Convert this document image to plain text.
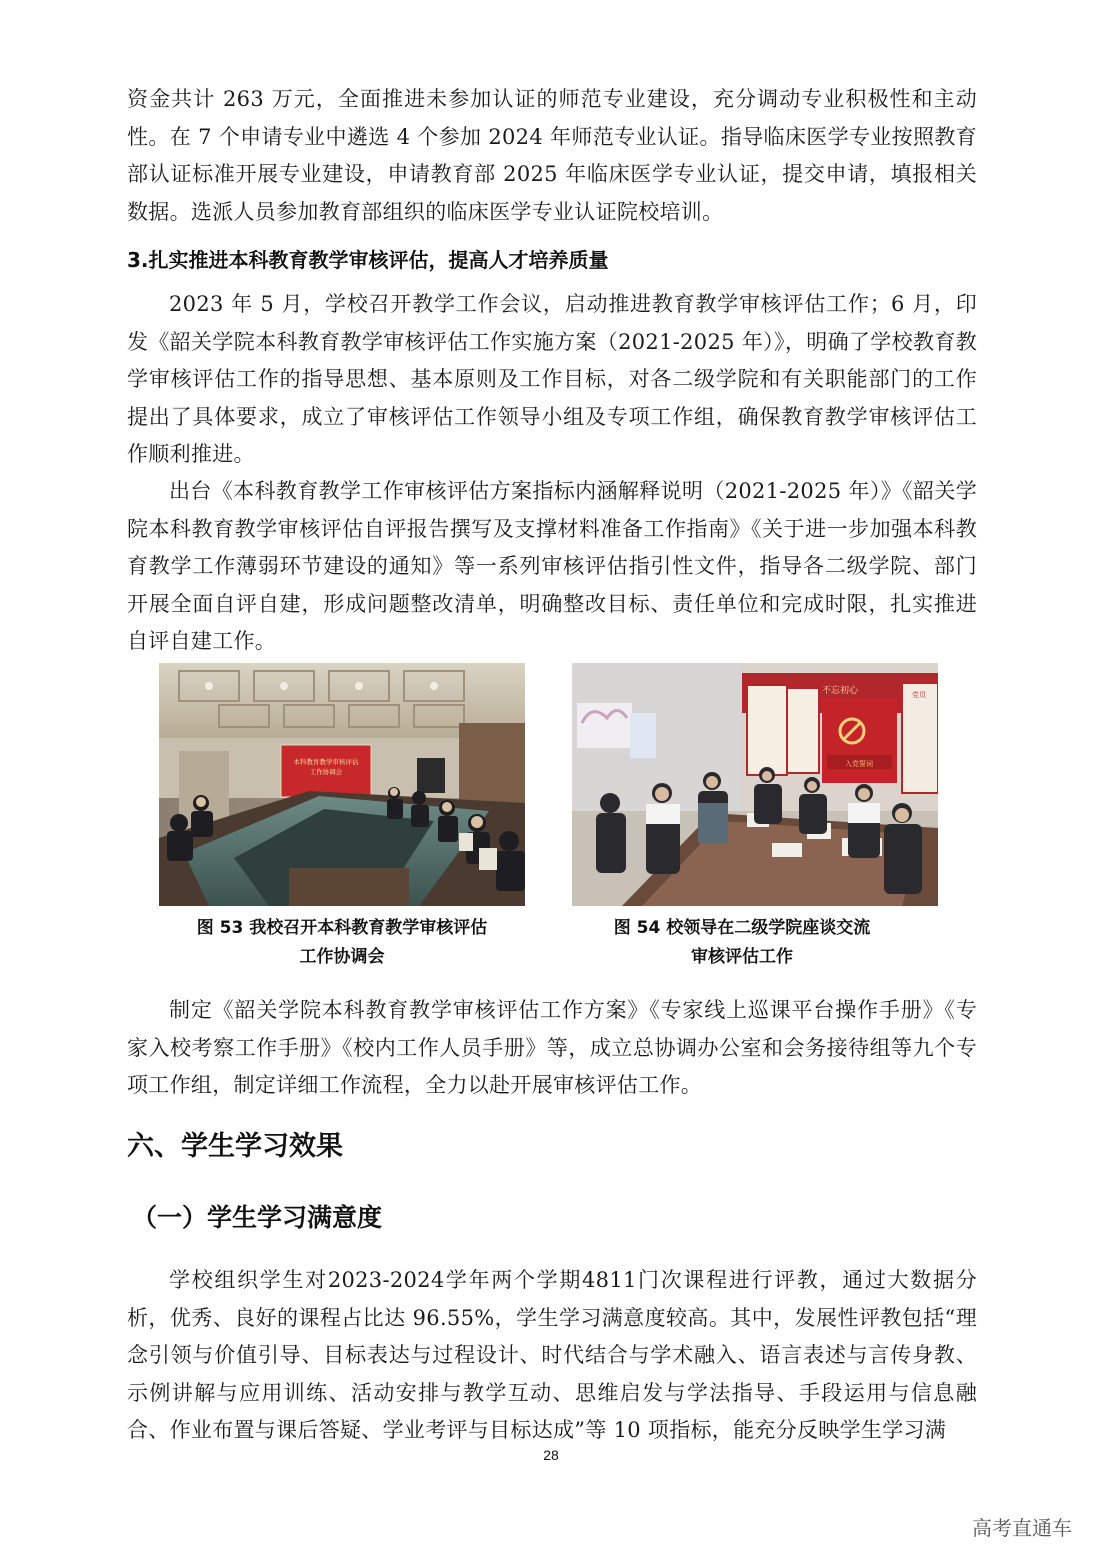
资金共计 263 万元，全面推进未参加认证的师范专业建设，充分调动专业积极性和主动性。在 7 个申请专业中遴选 4 个参加 2024 年师范专业认证。指导临床医学专业按照教育部认证标准开展专业建设，申请教育部 2025 年临床医学专业认证，提交申请，填报相关数据。选派人员参加教育部组织的临床医学专业认证院校培训。

3.扎实推进本科教育教学审核评估，提高人才培养质量

2023 年 5 月，学校召开教学工作会议，启动推进教育教学审核评估工作；6 月，印发《韶关学院本科教育教学审核评估工作实施方案（2021-2025 年）》，明确了学校教育教学审核评估工作的指导思想、基本原则及工作目标，对各二级学院和有关职能部门的工作提出了具体要求，成立了审核评估工作领导小组及专项工作组，确保教育教学审核评估工作顺利推进。

出台《本科教育教学工作审核评估方案指标内涵解释说明（2021-2025 年）》《韶关学院本科教育教学审核评估自评报告撰写及支撑材料准备工作指南》《关于进一步加强本科教育教学工作薄弱环节建设的通知》等一系列审核评估指引性文件，指导各二级学院、部门开展全面自评自建，形成问题整改清单，明确整改目标、责任单位和完成时限，扎实推进自评自建工作。

本科教育教学审核评估
工作协调会
图 53 我校召开本科教育教学审核评估
工作协调会
不忘初心
入党誓词
党员
图 54 校领导在二级学院座谈交流
审核评估工作

制定《韶关学院本科教育教学审核评估工作方案》《专家线上巡课平台操作手册》《专家入校考察工作手册》《校内工作人员手册》等，成立总协调办公室和会务接待组等九个专项工作组，制定详细工作流程，全力以赴开展审核评估工作。

六、学生学习效果
（一）学生学习满意度

学校组织学生对2023-2024学年两个学期4811门次课程进行评教，通过大数据分析，优秀、良好的课程占比达 96.55%，学生学习满意度较高。其中，发展性评教包括“理念引领与价值引导、目标表达与过程设计、时代结合与学术融入、语言表述与言传身教、示例讲解与应用训练、活动安排与教学互动、思维启发与学法指导、手段运用与信息融合、作业布置与课后答疑、学业考评与目标达成”等 10 项指标，能充分反映学生学习满

28
高考直通车
